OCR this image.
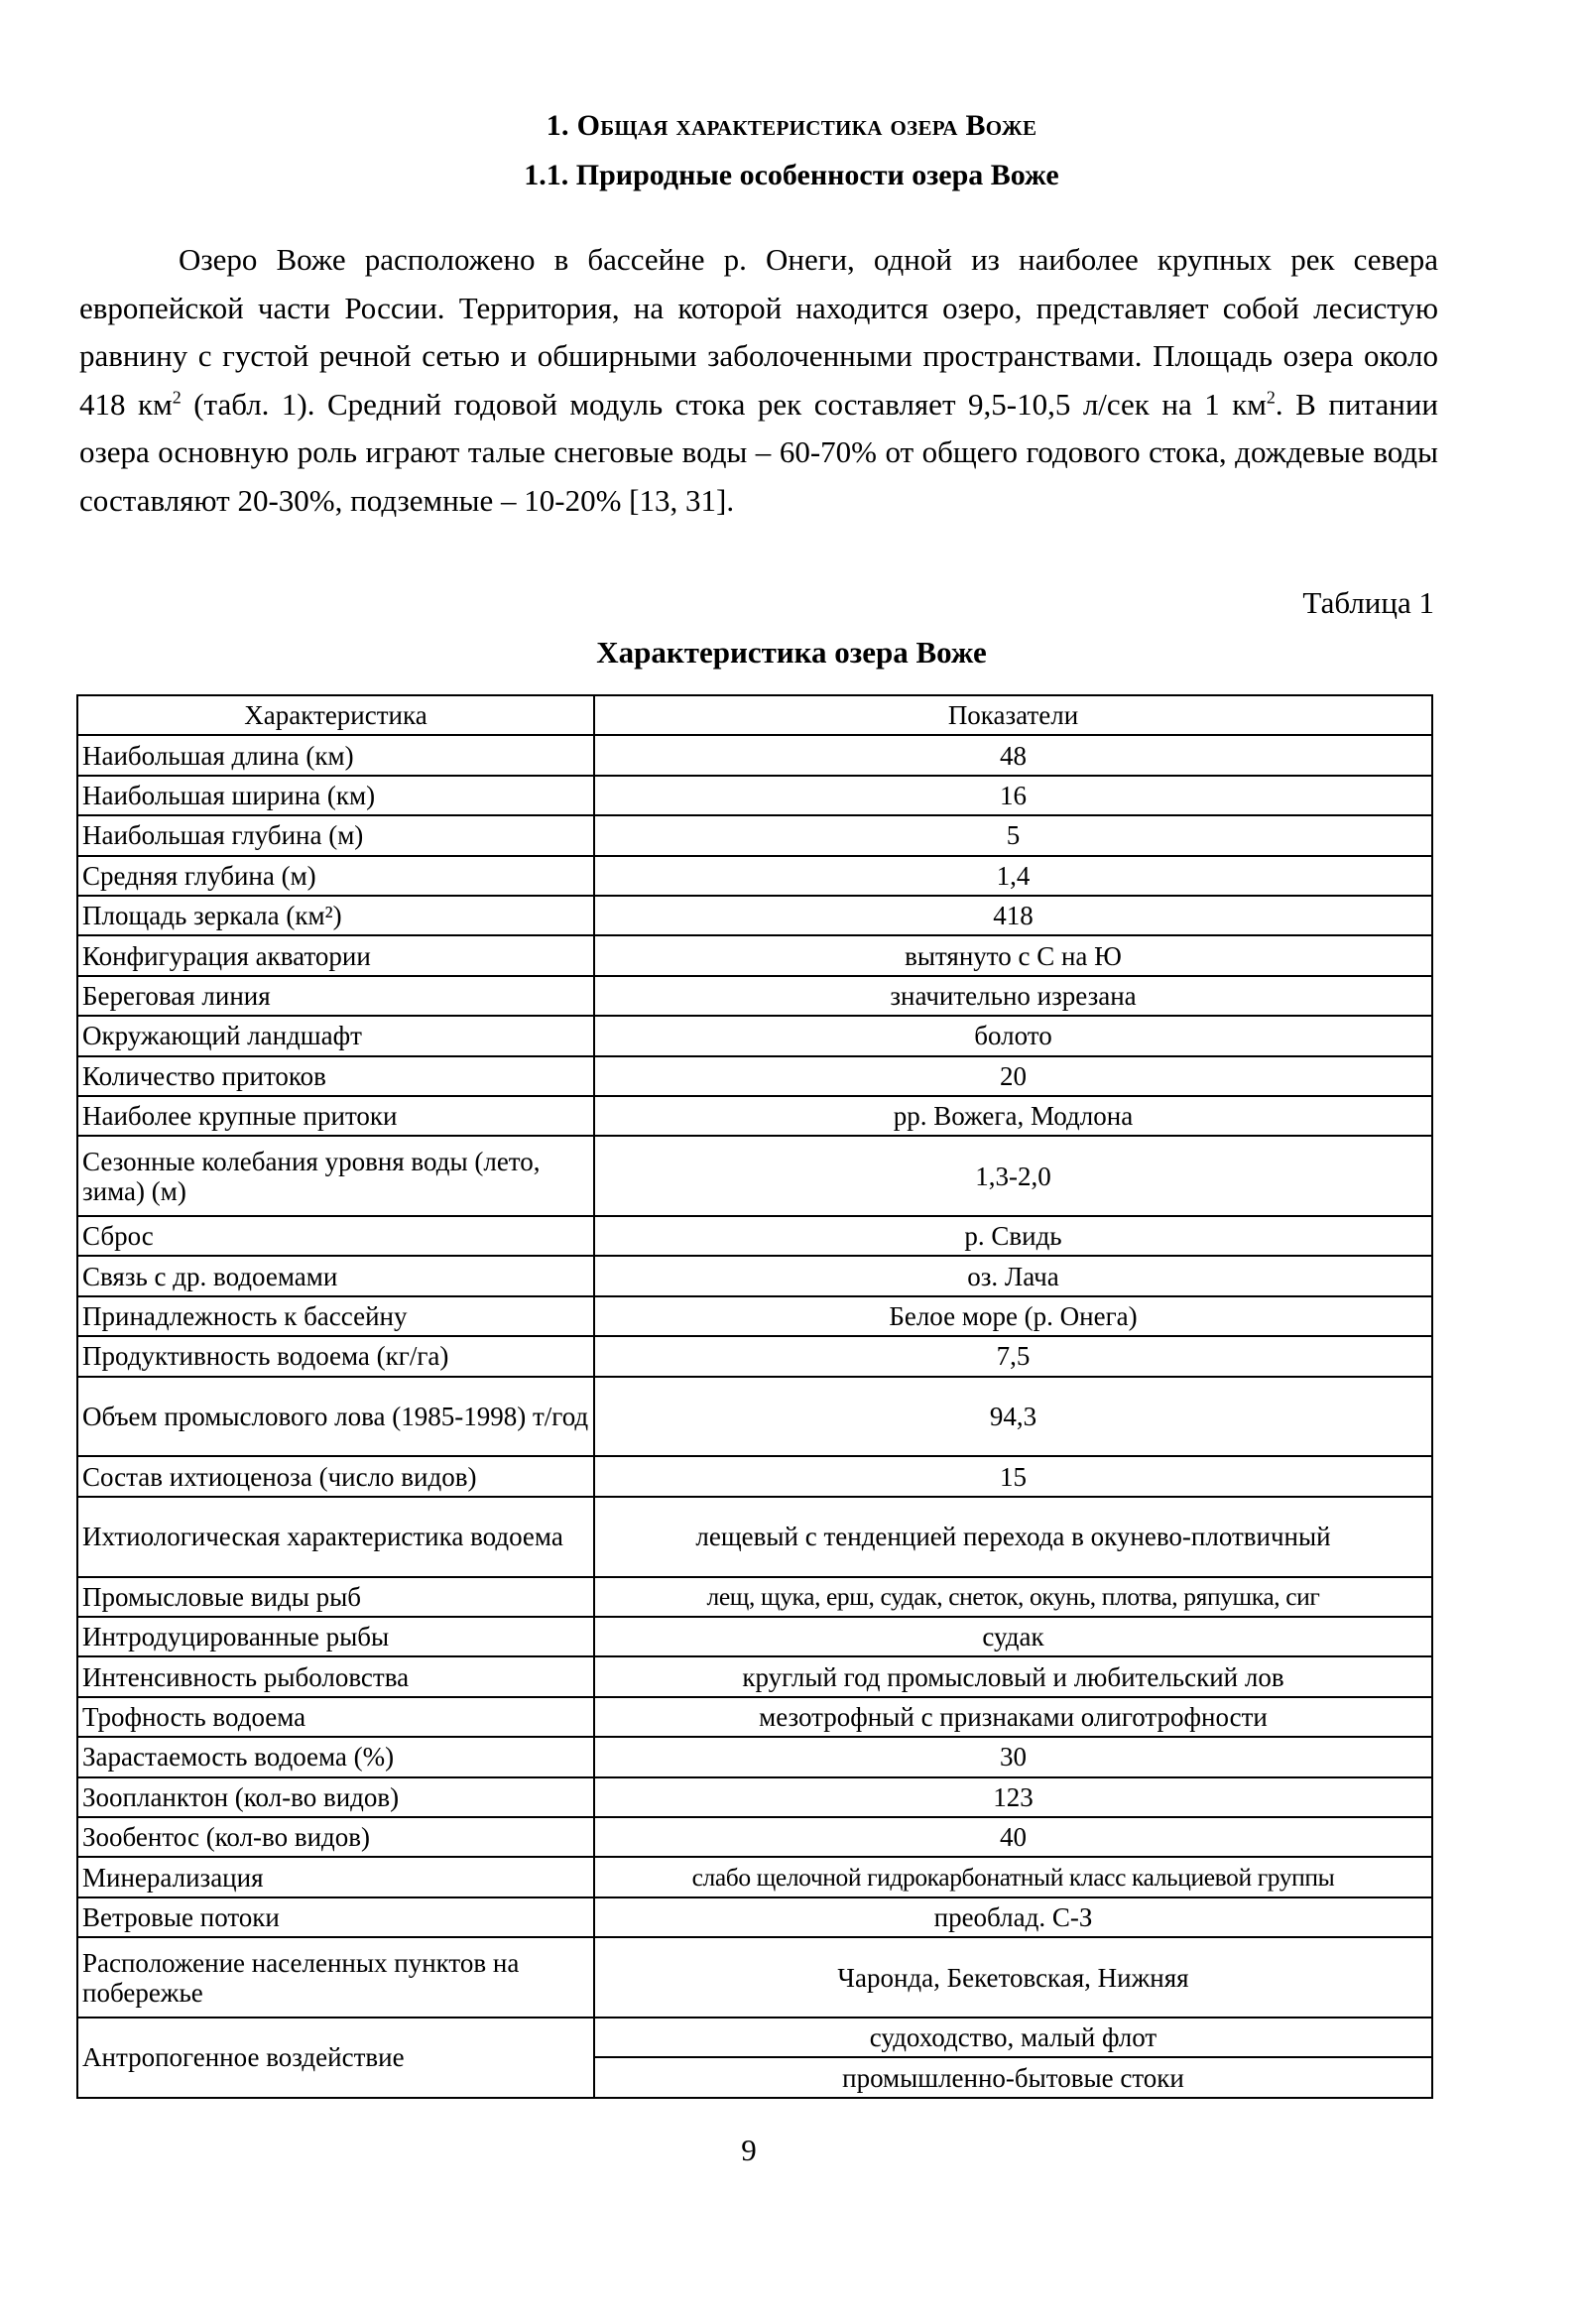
1. Общая характеристика озера Воже
1.1. Природные особенности озера Воже

Озеро Воже расположено в бассейне р. Онеги, одной из наиболее крупных рек севера европейской части России. Территория, на которой находится озеро, представляет собой лесистую равнину с густой речной сетью и обширными заболоченными пространствами. Площадь озера около 418 $км^2$ (табл. 1). Средний годовой модуль стока рек составляет 9,5-10,5 л/сек на 1 $км^2$. В питании озера основную роль играют талые снеговые воды – 60-70% от общего годового стока, дождевые воды составляют 20-30%, подземные – 10-20% [13, 31].

Таблица 1
Характеристика озера Воже
Характеристика	Показатели
Наибольшая длина (км)	48
Наибольшая ширина (км)	16
Наибольшая глубина (м)	5
Средняя глубина (м)	1,4
Площадь зеркала (км²)	418
Конфигурация акватории	вытянуто с С на Ю
Береговая линия	значительно изрезана
Окружающий ландшафт	болото
Количество притоков	20
Наиболее крупные притоки	рр. Вожега, Модлона
Сезонные колебания уровня воды (лето, зима) (м)	1,3-2,0
Сброс	р. Свидь
Связь с др. водоемами	оз. Лача
Принадлежность к бассейну	Белое море (р. Онега)
Продуктивность водоема (кг/га)	7,5
Объем промыслового лова (1985-1998) т/год	94,3
Состав ихтиоценоза (число видов)	15
Ихтиологическая характеристика водоема	лещевый с тенденцией перехода в окунево-плотвичный
Промысловые виды рыб	лещ, щука, ерш, судак, снеток, окунь, плотва, ряпушка, сиг
Интродуцированные рыбы	судак
Интенсивность рыболовства	круглый год промысловый и любительский лов
Трофность водоема	мезотрофный с признаками олиготрофности
Зарастаемость водоема (%)	30
Зоопланктон (кол-во видов)	123
Зообентос (кол-во видов)	40
Минерализация	слабо щелочной гидрокарбонатный класс кальциевой группы
Ветровые потоки	преоблад. С-З
Расположение населенных пунктов на побережье	Чаронда, Бекетовская, Нижняя
Антропогенное воздействие	судоходство, малый флот
	промышленно-бытовые стоки
9
